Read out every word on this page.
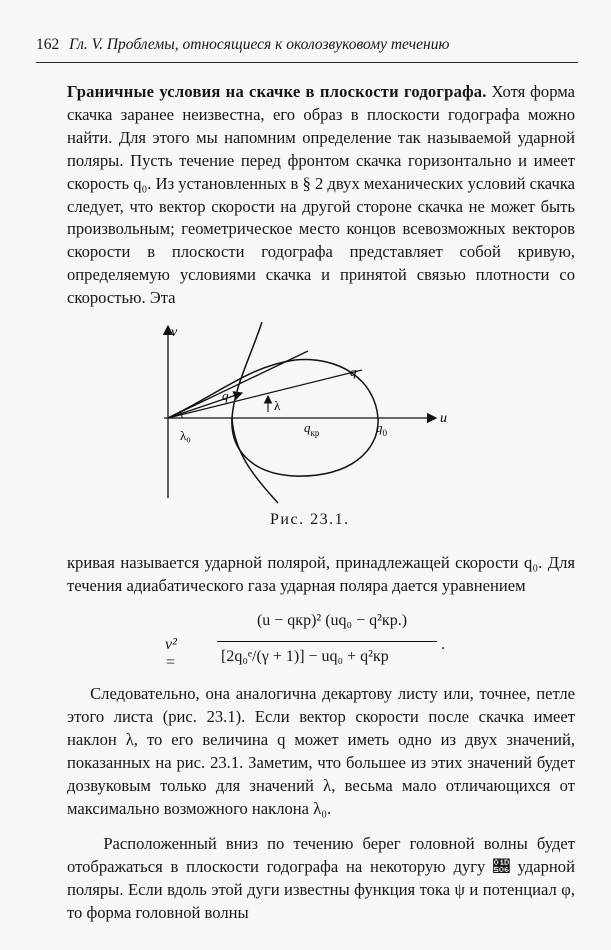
162 Гл. V. Проблемы, относящиеся к околозвуковому течению
Граничные условия на скачке в плоскости годографа. Хотя форма скачка заранее неизвестна, его образ в плоскости годографа можно найти. Для этого мы напомним определение так называемой ударной поляры. Пусть течение перед фронтом скачка горизонтально и имеет скорость q₀. Из установленных в § 2 двух механических условий скачка следует, что вектор скорости на другой стороне скачка не может быть произвольным; геометрическое место концов всевозможных векторов скорости в плоскости годографа представляет собой кривую, определяемую условиями скачка и принятой связью плотности со скоростью. Эта
v
u
q
q
λ
λ₀
$q_{кр}$	$q_0$
Рис. 23.1.
кривая называется ударной полярой, принадлежащей скорости q₀. Для течения адиабатического газа ударная поляра дается уравнением
v² =
(u − qкр)² (uq₀ − q²кр.)
[2q₀ᵉ/(γ + 1)] − uq₀ + q²кр
.
Следовательно, она аналогична декартову листу или, точнее, петле этого листа (рис. 23.1). Если вектор скорости после скачка имеет наклон λ, то его величина q может иметь одно из двух значений, показанных на рис. 23.1. Заметим, что большее из этих значений будет дозвуковым только для значений λ, весьма мало отличающихся от максимально возможного наклона λ₀.
Расположенный вниз по течению берег головной волны будет отображаться в плоскости годографа на некоторую дугу 𝔆 ударной поляры. Если вдоль этой дуги известны функция тока ψ и потенциал φ, то форма головной волны
